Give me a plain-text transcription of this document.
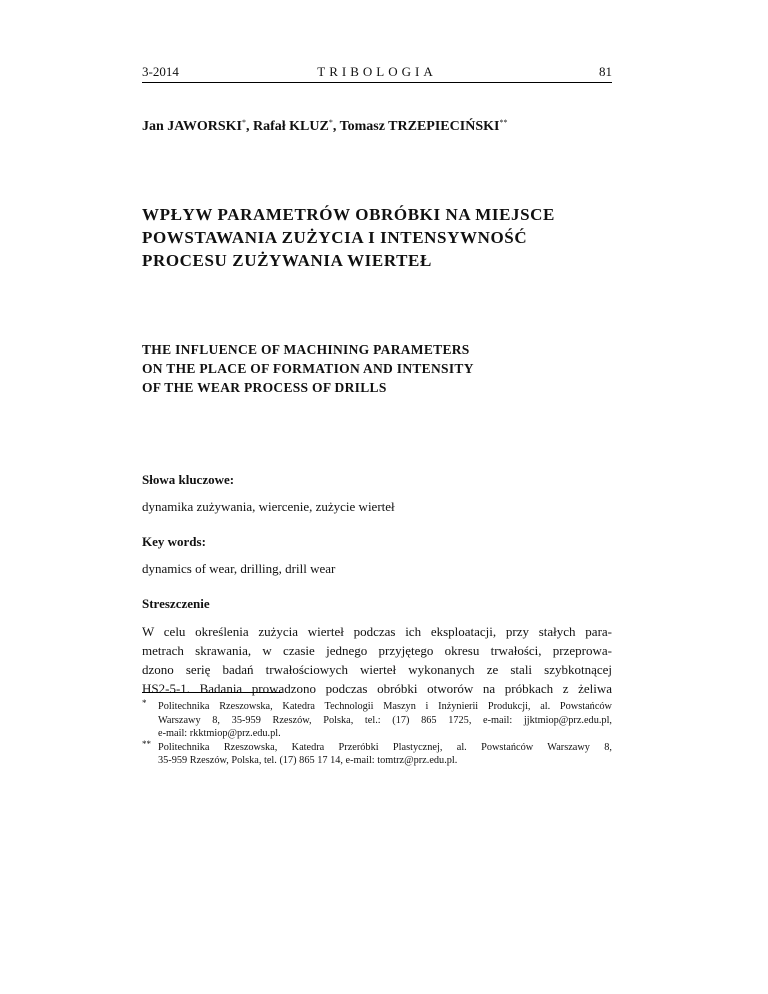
3-2014	TRIBOLOGIA	81
Jan JAWORSKI*, Rafał KLUZ*, Tomasz TRZEPIECIŃSKI**
WPŁYW PARAMETRÓW OBRÓBKI NA MIEJSCE
POWSTAWANIA ZUŻYCIA I INTENSYWNOŚĆ
PROCESU ZUŻYWANIA WIERTEŁ
THE INFLUENCE OF MACHINING PARAMETERS
ON THE PLACE OF FORMATION AND INTENSITY
OF THE WEAR PROCESS OF DRILLS
Słowa kluczowe:
dynamika zużywania, wiercenie, zużycie wierteł
Key words:
dynamics of wear, drilling, drill wear
Streszczenie
W celu określenia zużycia wierteł podczas ich eksploatacji, przy stałych para-
metrach skrawania, w czasie jednego przyjętego okresu trwałości, przeprowa-
dzono serię badań trwałościowych wierteł wykonanych ze stali szybkotnącej
HS2-5-1. Badania prowadzono podczas obróbki otworów na próbkach z żeliwa
* Politechnika Rzeszowska, Katedra Technologii Maszyn i Inżynierii Produkcji, al. Powstańców
Warszawy 8, 35-959 Rzeszów, Polska, tel.: (17) 865 1725, e-mail: jjktmiop@prz.edu.pl,
e-mail: rkktmiop@prz.edu.pl.
** Politechnika Rzeszowska, Katedra Przeróbki Plastycznej, al. Powstańców Warszawy 8,
35-959 Rzeszów, Polska, tel. (17) 865 17 14, e-mail: tomtrz@prz.edu.pl.
